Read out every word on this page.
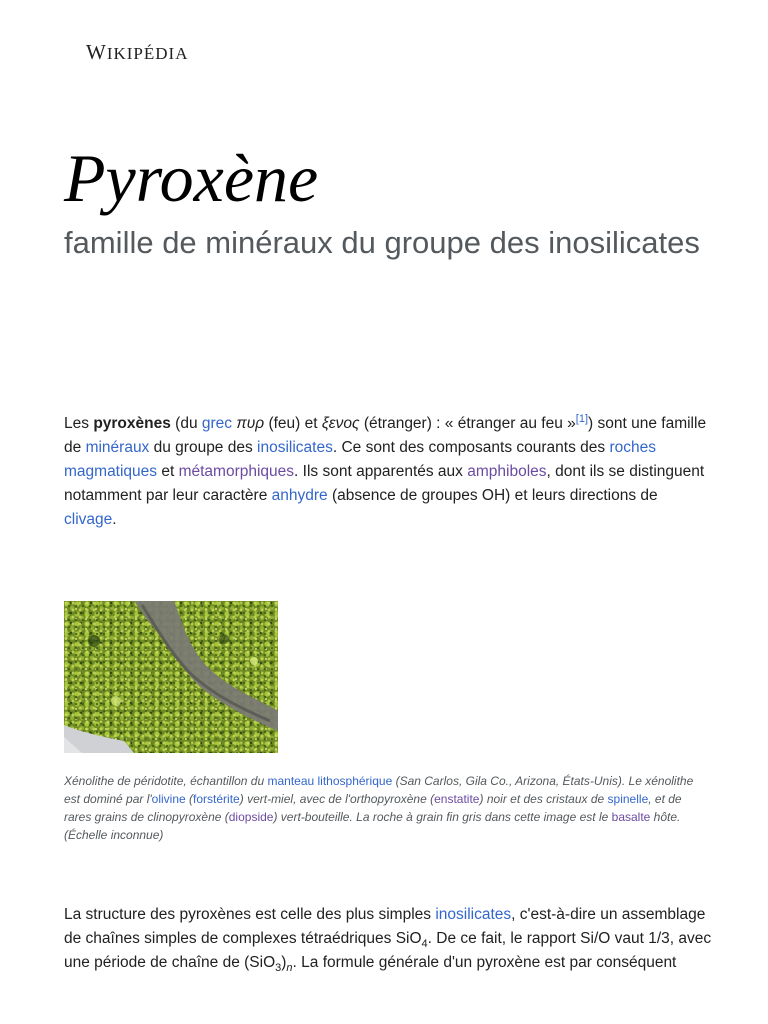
WIKIPÉDIA
Pyroxène

famille de minéraux du groupe des inosilicates

Les pyroxènes (du grec πυρ (feu) et ξενος (étranger) : « étranger au feu »[1]) sont une famille de minéraux du groupe des inosilicates. Ce sont des composants courants des roches magmatiques et métamorphiques. Ils sont apparentés aux amphiboles, dont ils se distinguent notamment par leur caractère anhydre (absence de groupes OH) et leurs directions de clivage.

Xénolithe de péridotite, échantillon du manteau lithosphérique (San Carlos, Gila Co., Arizona, États-Unis). Le xénolithe est dominé par l'olivine (forstérite) vert-miel, avec de l'orthopyroxène (enstatite) noir et des cristaux de spinelle, et de rares grains de clinopyroxène (diopside) vert-bouteille. La roche à grain fin gris dans cette image est le basalte hôte. (Échelle inconnue)

La structure des pyroxènes est celle des plus simples inosilicates, c'est-à-dire un assemblage de chaînes simples de complexes tétraédriques SiO$_4$. De ce fait, le rapport Si/O vaut 1/3, avec une période de chaîne de $(SiO_3)_n$. La formule générale d'un pyroxène est par conséquent
